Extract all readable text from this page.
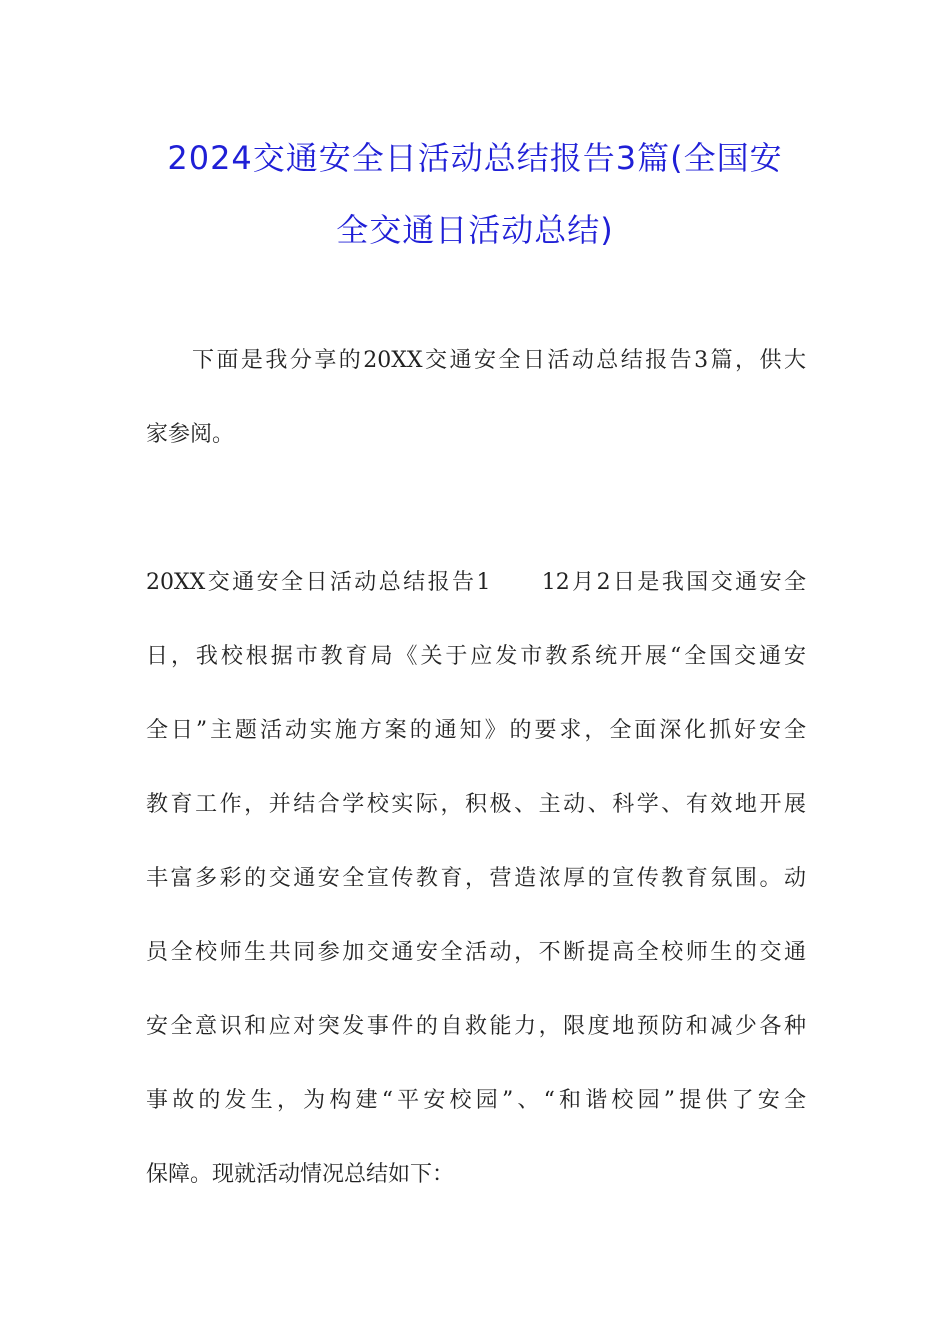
2024交通安全日活动总结报告3篇(全国安
全交通日活动总结)
下面是我分享的20XX交通安全日活动总结报告3篇，供大
家参阅。
20XX交通安全日活动总结报告1　　12月2日是我国交通安全
日，我校根据市教育局《关于应发市教系统开展“全国交通安
全日”主题活动实施方案的通知》的要求，全面深化抓好安全
教育工作，并结合学校实际，积极、主动、科学、有效地开展
丰富多彩的交通安全宣传教育，营造浓厚的宣传教育氛围。动
员全校师生共同参加交通安全活动，不断提高全校师生的交通
安全意识和应对突发事件的自救能力，限度地预防和减少各种
事故的发生，为构建“平安校园”、“和谐校园”提供了安全
保障。现就活动情况总结如下：
